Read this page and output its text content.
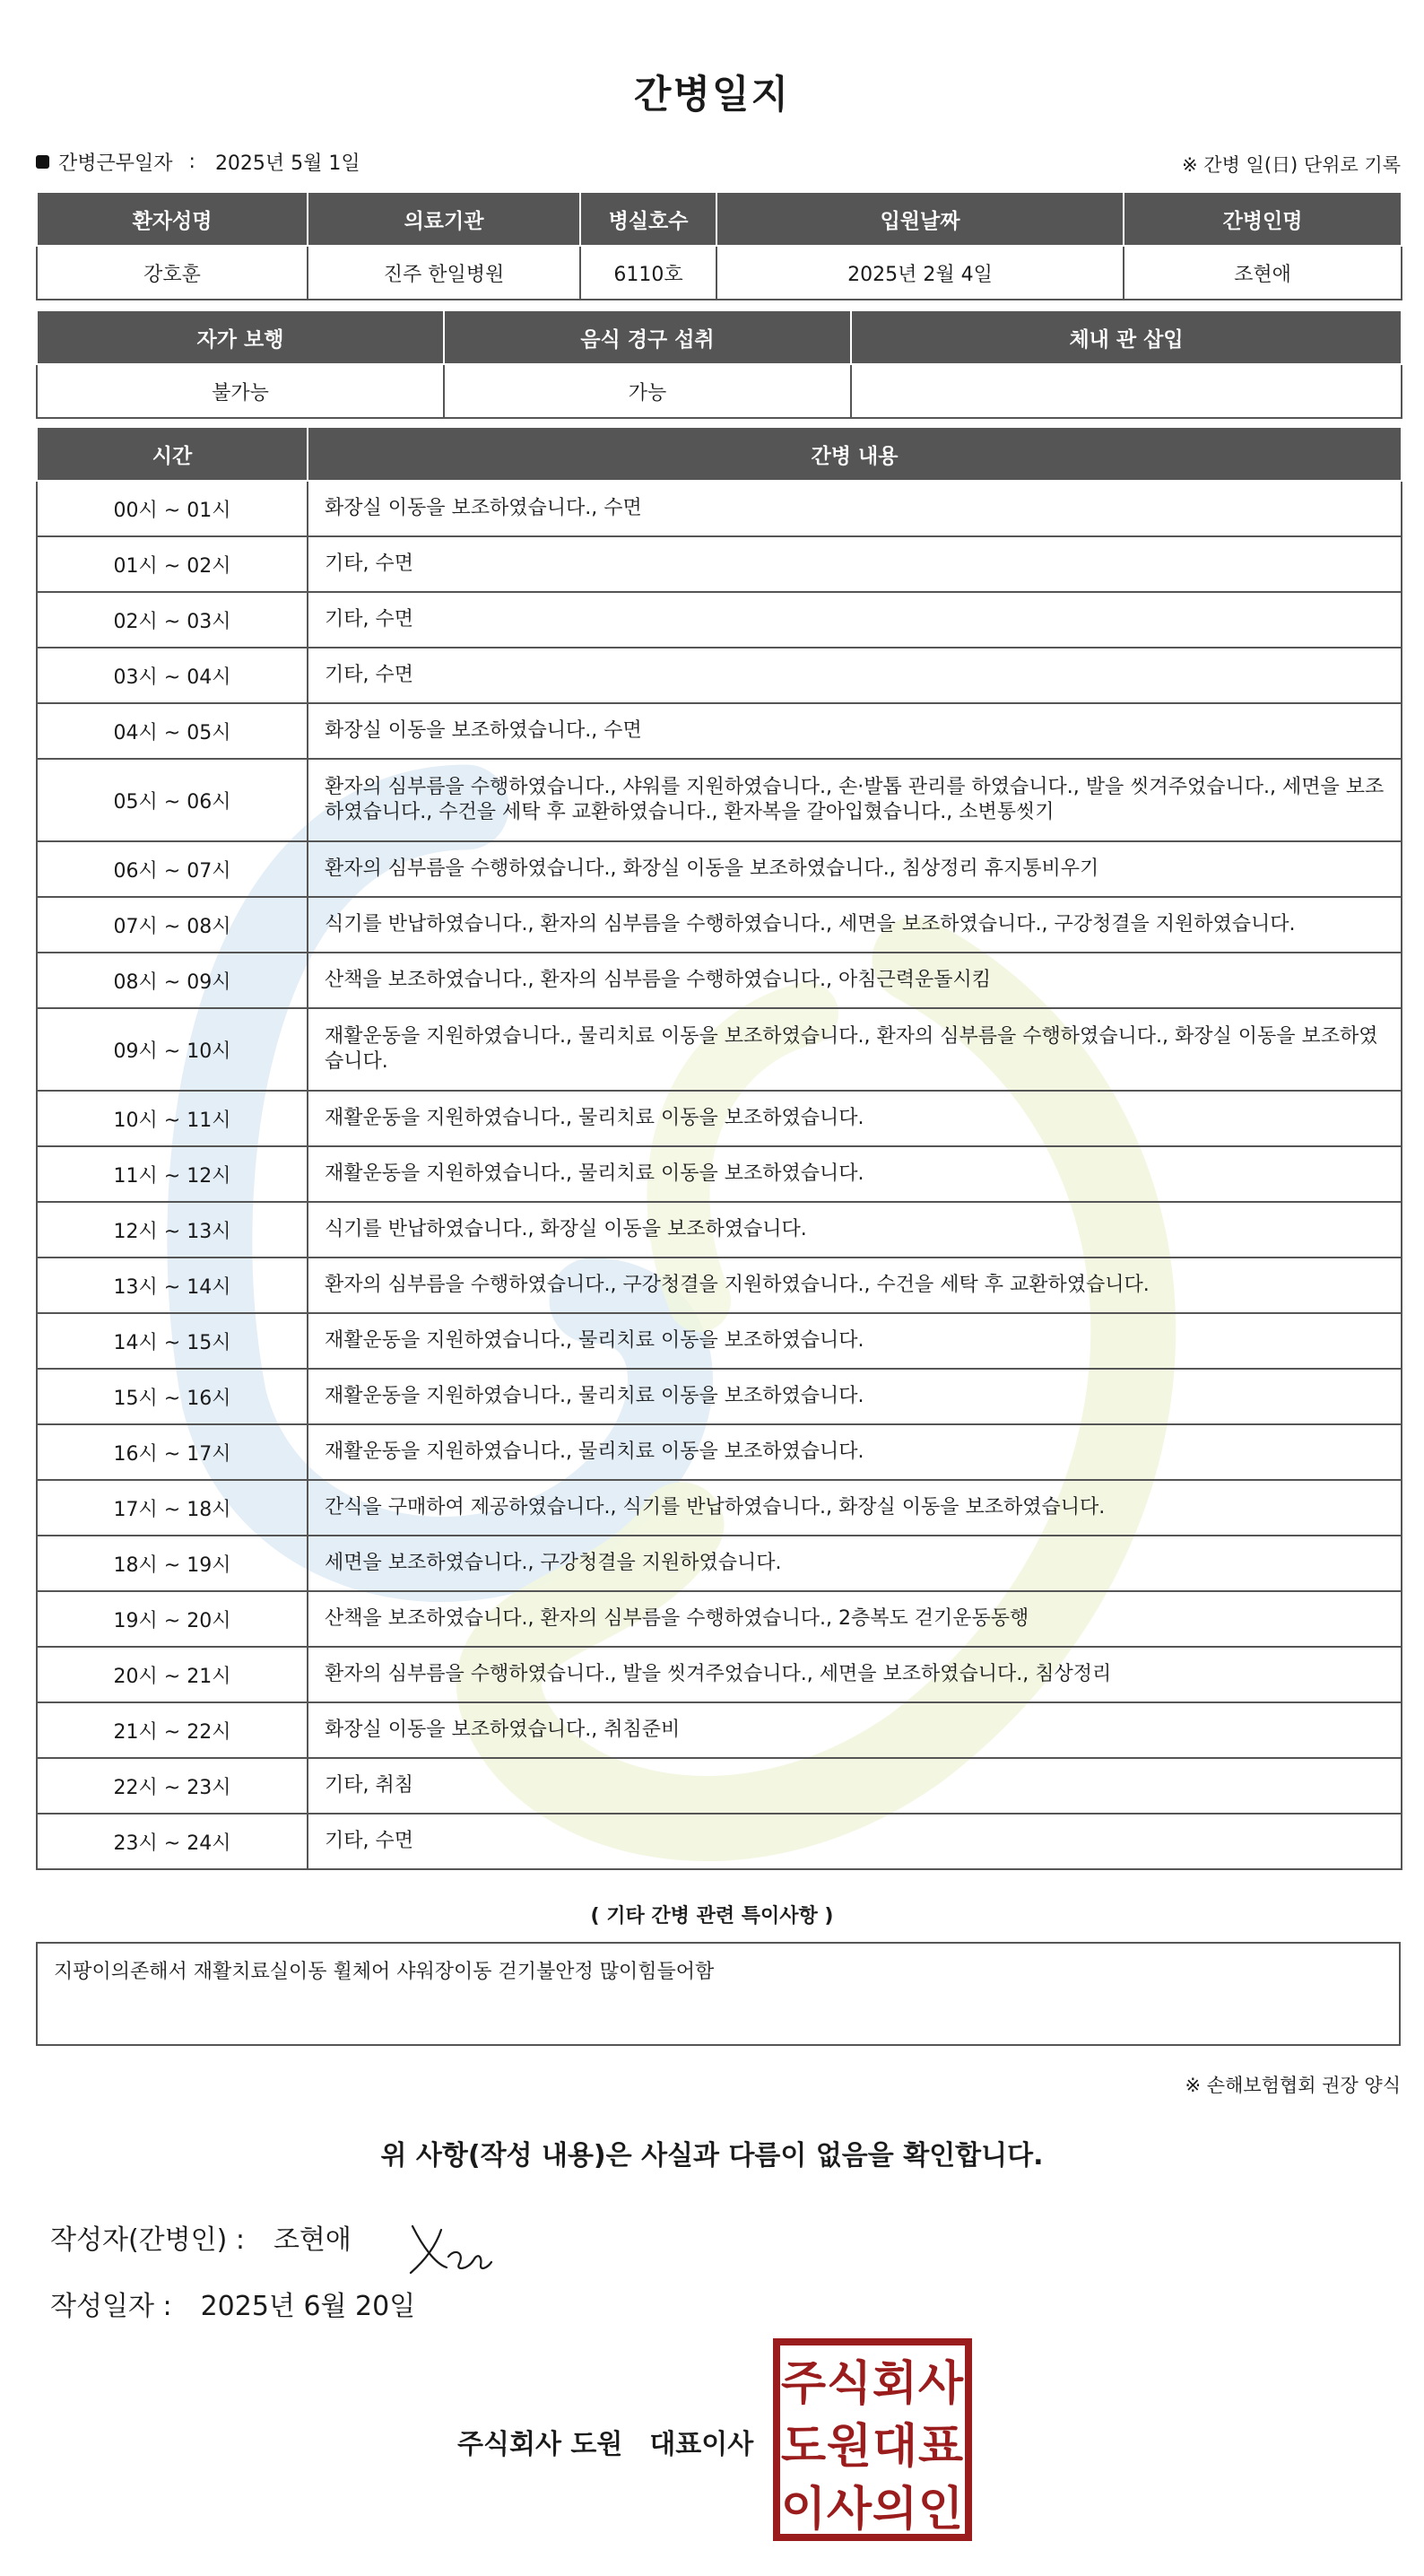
간병일지
간병근무일자 : 2025년 5월 1일	※ 간병 일(日) 단위로 기록
환자성명	의료기관	병실호수	입원날짜	간병인명
강호훈	진주 한일병원	6110호	2025년 2월 4일	조현애
자가 보행	음식 경구 섭취	체내 관 삽입
불가능	가능	
시간	간병 내용
00시 ~ 01시	화장실 이동을 보조하였습니다., 수면
01시 ~ 02시	기타, 수면
02시 ~ 03시	기타, 수면
03시 ~ 04시	기타, 수면
04시 ~ 05시	화장실 이동을 보조하였습니다., 수면
05시 ~ 06시	환자의 심부름을 수행하였습니다., 샤워를 지원하였습니다., 손·발톱 관리를 하였습니다., 발을 씻겨주었습니다., 세면을 보조하였습니다., 수건을 세탁 후 교환하였습니다., 환자복을 갈아입혔습니다., 소변통씻기
06시 ~ 07시	환자의 심부름을 수행하였습니다., 화장실 이동을 보조하였습니다., 침상정리 휴지통비우기
07시 ~ 08시	식기를 반납하였습니다., 환자의 심부름을 수행하였습니다., 세면을 보조하였습니다., 구강청결을 지원하였습니다.
08시 ~ 09시	산책을 보조하였습니다., 환자의 심부름을 수행하였습니다., 아침근력운돌시킴
09시 ~ 10시	재활운동을 지원하였습니다., 물리치료 이동을 보조하였습니다., 환자의 심부름을 수행하였습니다., 화장실 이동을 보조하였습니다.
10시 ~ 11시	재활운동을 지원하였습니다., 물리치료 이동을 보조하였습니다.
11시 ~ 12시	재활운동을 지원하였습니다., 물리치료 이동을 보조하였습니다.
12시 ~ 13시	식기를 반납하였습니다., 화장실 이동을 보조하였습니다.
13시 ~ 14시	환자의 심부름을 수행하였습니다., 구강청결을 지원하였습니다., 수건을 세탁 후 교환하였습니다.
14시 ~ 15시	재활운동을 지원하였습니다., 물리치료 이동을 보조하였습니다.
15시 ~ 16시	재활운동을 지원하였습니다., 물리치료 이동을 보조하였습니다.
16시 ~ 17시	재활운동을 지원하였습니다., 물리치료 이동을 보조하였습니다.
17시 ~ 18시	간식을 구매하여 제공하였습니다., 식기를 반납하였습니다., 화장실 이동을 보조하였습니다.
18시 ~ 19시	세면을 보조하였습니다., 구강청결을 지원하였습니다.
19시 ~ 20시	산책을 보조하였습니다., 환자의 심부름을 수행하였습니다., 2층복도 걷기운동동행
20시 ~ 21시	환자의 심부름을 수행하였습니다., 발을 씻겨주었습니다., 세면을 보조하였습니다., 침상정리
21시 ~ 22시	화장실 이동을 보조하였습니다., 취침준비
22시 ~ 23시	기타, 취침
23시 ~ 24시	기타, 수면
( 기타 간병 관련 특이사항 )
지팡이의존해서 재활치료실이동 휠체어 샤워장이동 걷기불안정 많이힘들어함
※ 손해보험협회 권장 양식
위 사항(작성 내용)은 사실과 다름이 없음을 확인합니다.
작성자(간병인) : 조현애
작성일자 : 2025년 6월 20일
주식회사 도원 대표이사
주 식 회 사
도 원 대 표
이 사 의 인
